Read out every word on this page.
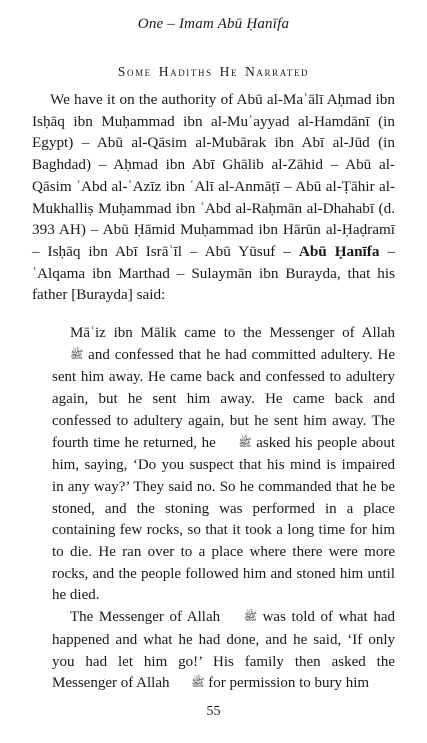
One – Imam Abū Ḥanīfa
Some Hadiths He Narrated

We have it on the authority of Abū al-Maʿālī Aḥmad ibn Isḥāq ibn Muḥammad ibn al-Muʾayyad al-Hamdānī (in Egypt) – Abū al-Qāsim al-Mubārak ibn Abī al-Jūd (in Baghdad) – Aḥmad ibn Abī Ghālib al-Zāhid – Abū al-Qāsim ʿAbd al-ʿAzīz ibn ʿAlī al-Anmāṭī – Abū al-Ṭāhir al-Mukhalliṣ Muḥammad ibn ʿAbd al-Raḥmān al-Dhahabī (d. 393 AH) – Abū Ḥāmid Muḥammad ibn Hārūn al-Ḥaḍramī – Isḥāq ibn Abī Isrāʾīl – Abū Yūsuf – Abū Ḥanīfa – ʿAlqama ibn Marthad – Sulaymān ibn Burayda, that his father [Burayda] said:

Māʿiz ibn Mālik came to the Messenger of Allah ﷺ and confessed that he had committed adultery. He sent him away. He came back and confessed to adultery again, but he sent him away. He came back and confessed to adultery again, but he sent him away. The fourth time he returned, he ﷺ asked his people about him, saying, ‘Do you suspect that his mind is impaired in any way?’ They said no. So he commanded that he be stoned, and the stoning was performed in a place containing few rocks, so that it took a long time for him to die. He ran over to a place where there were more rocks, and the people followed him and stoned him until he died.

The Messenger of Allah ﷺ was told of what had happened and what he had done, and he said, ‘If only you had let him go!’ His family then asked the Messenger of Allah ﷺ for permission to bury him

55
